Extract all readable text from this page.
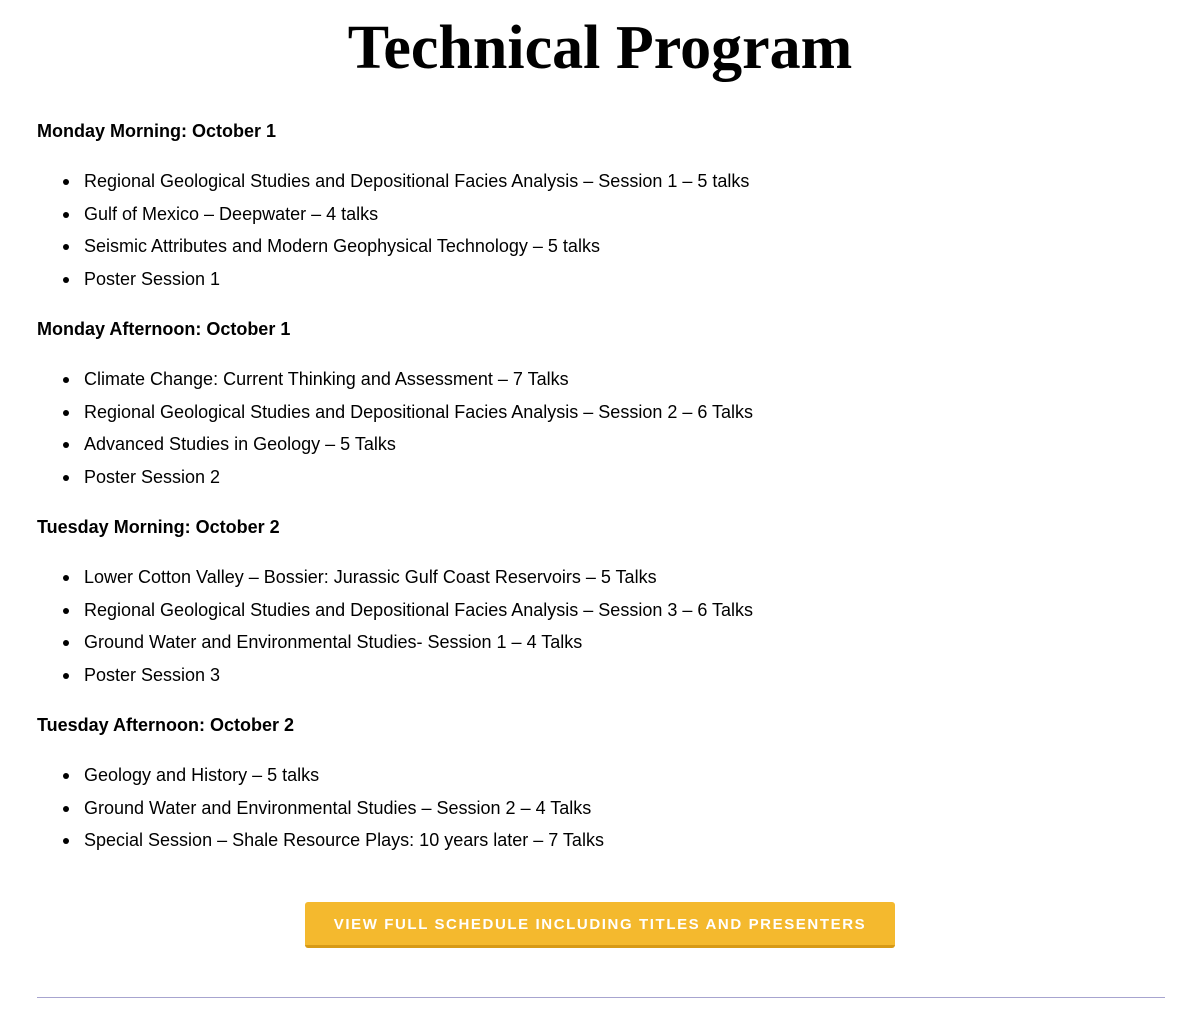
Technical Program
Monday Morning: October 1
Regional Geological Studies and Depositional Facies Analysis – Session 1 – 5 talks
Gulf of Mexico – Deepwater – 4 talks
Seismic Attributes and Modern Geophysical Technology – 5 talks
Poster Session 1
Monday Afternoon: October 1
Climate Change: Current Thinking and Assessment – 7 Talks
Regional Geological Studies and Depositional Facies Analysis – Session 2 – 6 Talks
Advanced Studies in Geology – 5 Talks
Poster Session 2
Tuesday Morning: October 2
Lower Cotton Valley – Bossier: Jurassic Gulf Coast Reservoirs – 5 Talks
Regional Geological Studies and Depositional Facies Analysis – Session 3 – 6 Talks
Ground Water and Environmental Studies- Session 1 – 4 Talks
Poster Session 3
Tuesday Afternoon: October 2
Geology and History – 5 talks
Ground Water and Environmental Studies – Session 2 – 4 Talks
Special Session – Shale Resource Plays: 10 years later – 7 Talks
VIEW FULL SCHEDULE INCLUDING TITLES AND PRESENTERS
